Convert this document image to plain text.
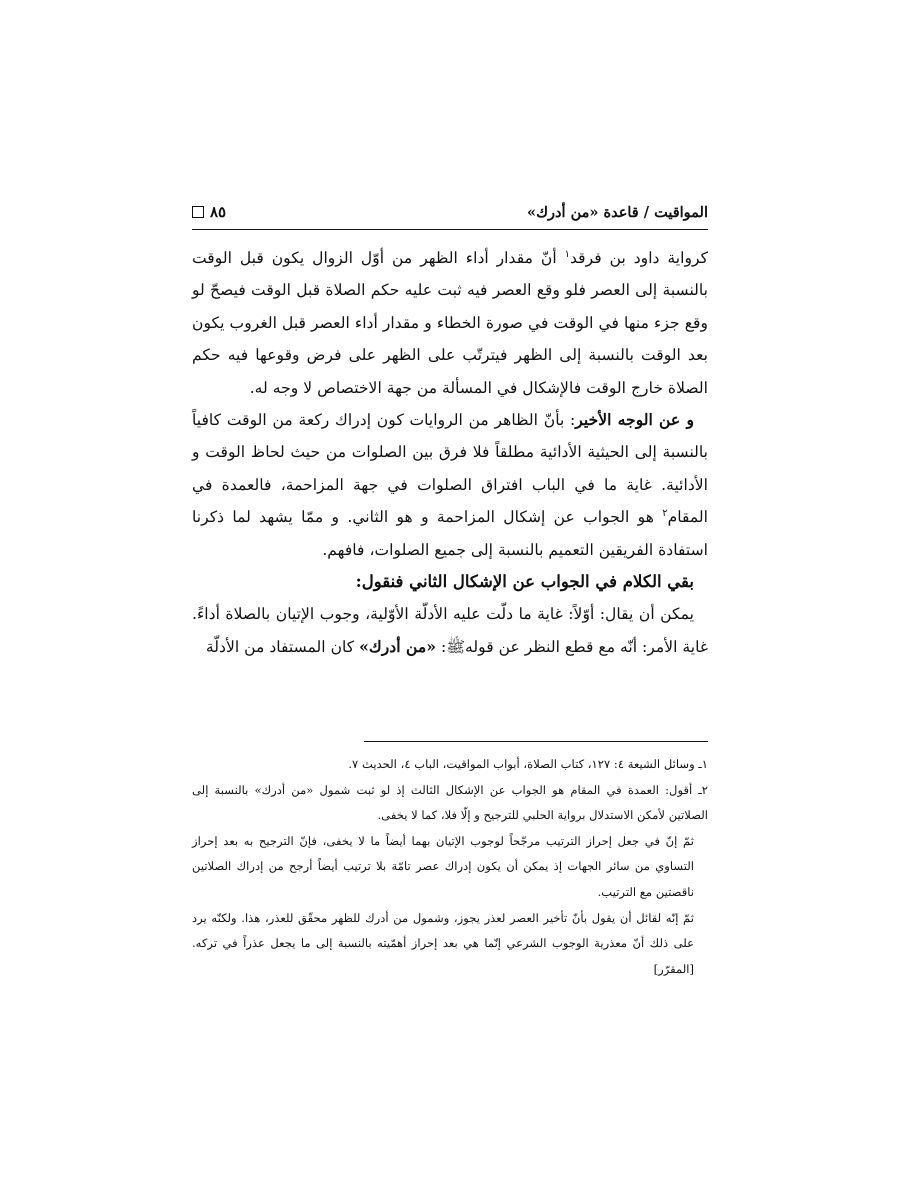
المواقيت / قاعدة «من أدرك»
٨٥

كرواية داود بن فرقد$^١$ أنّ مقدار أداء الظهر من أوّل الزوال يكون قبل الوقت بالنسبة إلى العصر فلو وقع العصر فيه ثبت عليه حكم الصلاة قبل الوقت فيصحّ لو وقع جزء منها في الوقت في صورة الخطاء و مقدار أداء العصر قبل الغروب يكون بعد الوقت بالنسبة إلى الظهر فيترتّب على الظهر على فرض وقوعها فيه حكم الصلاة خارج الوقت فالإشكال في المسألة من جهة الاختصاص لا وجه له.

و عن الوجه الأخير: بأنّ الظاهر من الروايات كون إدراك ركعة من الوقت كافياً بالنسبة إلى الحيثية الأدائية مطلقاً فلا فرق بين الصلوات من حيث لحاظ الوقت و الأدائية. غاية ما في الباب افتراق الصلوات في جهة المزاحمة، فالعمدة في المقام$^٢$ هو الجواب عن إشكال المزاحمة و هو الثاني. و ممّا يشهد لما ذكرنا استفادة الفريقين التعميم بالنسبة إلى جميع الصلوات، فافهم.

بقي الكلام في الجواب عن الإشكال الثاني فنقول:

يمكن أن يقال: أوّلاً: غاية ما دلّت عليه الأدلّة الأوّلية، وجوب الإتيان بالصلاة أداءً. غاية الأمر: أنّه مع قطع النظر عن قولهﷺ: «من أدرك» كان المستفاد من الأدلّة

١ـ وسائل الشيعة ٤: ١٢٧، كتاب الصلاة، أبواب المواقيت، الباب ٤، الحديث ٧.

٢ـ أقول: العمدة في المقام هو الجواب عن الإشكال الثالث إذ لو ثبت شمول «من أدرك» بالنسبة إلى الصلاتين لأمكن الاستدلال برواية الحلبي للترجيح و إلّا فلا، كما لا يخفى.

ثمّ إنّ في جعل إحراز الترتيب مرجّحاً لوجوب الإتيان بهما أيضاً ما لا يخفى، فإنّ الترجيح به بعد إحراز التساوي من سائر الجهات إذ يمكن أن يكون إدراك عصر تامّة بلا ترتيب أيضاً أرجح من إدراك الصلاتين ناقصتين مع الترتيب.

ثمّ إنّه لقائل أن يقول بأنّ تأخير العصر لعذر يجوز، وشمول من أدرك للظهر محقّق للعذر، هذا. ولكنّه يرد على ذلك أنّ معذرية الوجوب الشرعي إنّما هي بعد إحراز أهمّيته بالنسبة إلى ما يجعل عذراً في تركه. [المقرّر]
